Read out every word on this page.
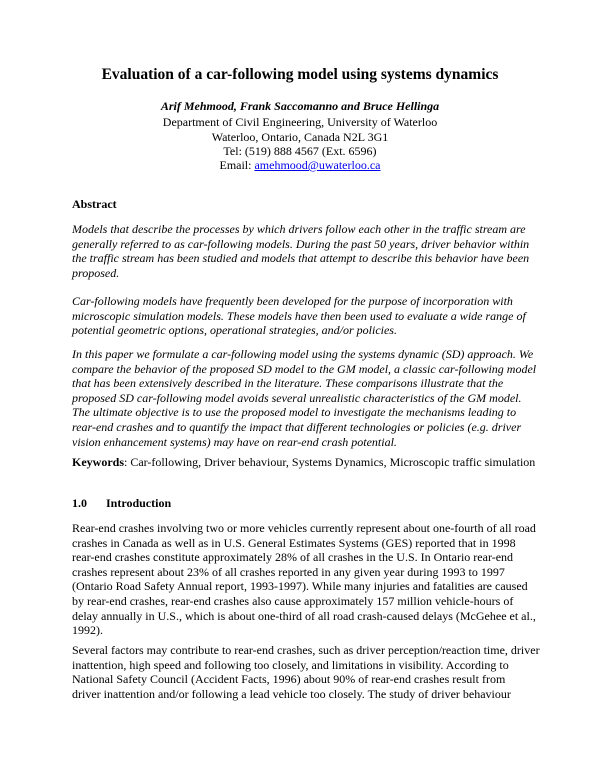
Evaluation of a car-following model using systems dynamics
Arif Mehmood, Frank Saccomanno and Bruce Hellinga
Department of Civil Engineering, University of Waterloo
Waterloo, Ontario, Canada N2L 3G1
Tel: (519) 888 4567 (Ext. 6596)
Email: amehmood@uwaterloo.ca
Abstract
Models that describe the processes by which drivers follow each other in the traffic stream are
generally referred to as car-following models. During the past 50 years, driver behavior within
the traffic stream has been studied and models that attempt to describe this behavior have been
proposed.
Car-following models have frequently been developed for the purpose of incorporation with
microscopic simulation models. These models have then been used to evaluate a wide range of
potential geometric options, operational strategies, and/or policies.
In this paper we formulate a car-following model using the systems dynamic (SD) approach. We
compare the behavior of the proposed SD model to the GM model, a classic car-following model
that has been extensively described in the literature. These comparisons illustrate that the
proposed SD car-following model avoids several unrealistic characteristics of the GM model.
The ultimate objective is to use the proposed model to investigate the mechanisms leading to
rear-end crashes and to quantify the impact that different technologies or policies (e.g. driver
vision enhancement systems) may have on rear-end crash potential.
Keywords: Car-following, Driver behaviour, Systems Dynamics, Microscopic traffic simulation
1.0 Introduction
Rear-end crashes involving two or more vehicles currently represent about one-fourth of all road
crashes in Canada as well as in U.S. General Estimates Systems (GES) reported that in 1998
rear-end crashes constitute approximately 28% of all crashes in the U.S. In Ontario rear-end
crashes represent about 23% of all crashes reported in any given year during 1993 to 1997
(Ontario Road Safety Annual report, 1993-1997). While many injuries and fatalities are caused
by rear-end crashes, rear-end crashes also cause approximately 157 million vehicle-hours of
delay annually in U.S., which is about one-third of all road crash-caused delays (McGehee et al.,
1992).
Several factors may contribute to rear-end crashes, such as driver perception/reaction time, driver
inattention, high speed and following too closely, and limitations in visibility. According to
National Safety Council (Accident Facts, 1996) about 90% of rear-end crashes result from
driver inattention and/or following a lead vehicle too closely. The study of driver behaviour
